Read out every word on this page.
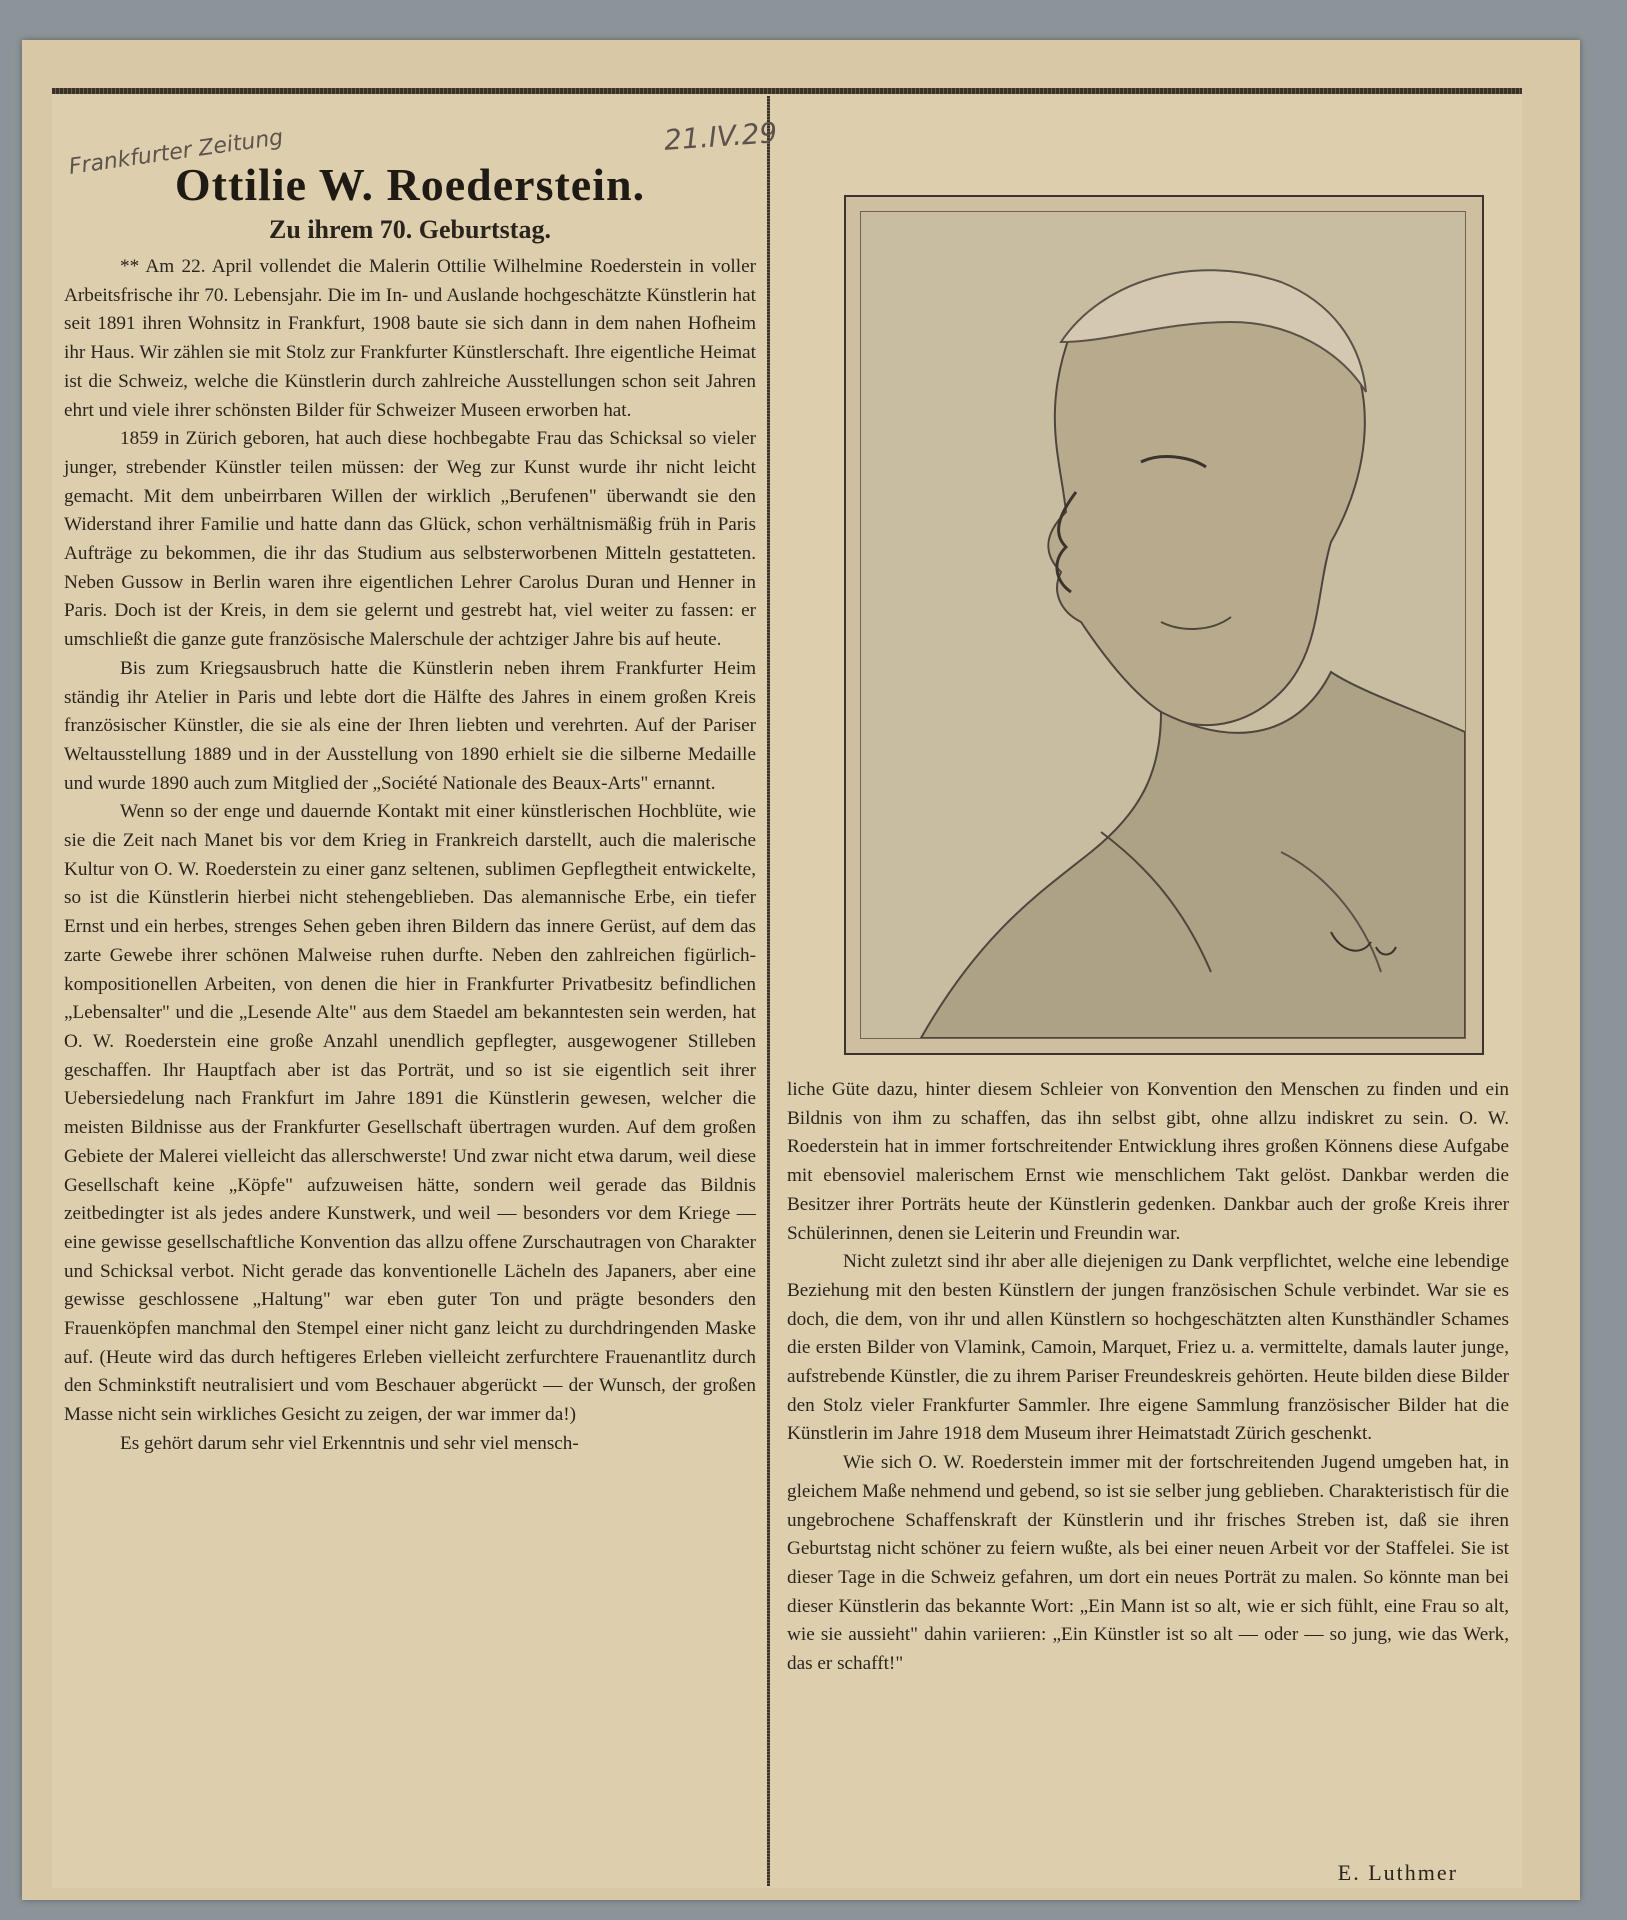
Frankfurter Zeitung	21.IV.29
Ottilie W. Roederstein.
Zu ihrem 70. Geburtstag.

** Am 22. April vollendet die Malerin Ottilie Wilhelmine Roederstein in voller Arbeitsfrische ihr 70. Lebensjahr. Die im In- und Auslande hochgeschätzte Künstlerin hat seit 1891 ihren Wohnsitz in Frankfurt, 1908 baute sie sich dann in dem nahen Hofheim ihr Haus. Wir zählen sie mit Stolz zur Frankfurter Künstlerschaft. Ihre eigentliche Heimat ist die Schweiz, welche die Künstlerin durch zahlreiche Ausstellungen schon seit Jahren ehrt und viele ihrer schönsten Bilder für Schweizer Museen erworben hat.

1859 in Zürich geboren, hat auch diese hochbegabte Frau das Schicksal so vieler junger, strebender Künstler teilen müssen: der Weg zur Kunst wurde ihr nicht leicht gemacht. Mit dem unbeirrbaren Willen der wirklich „Berufenen" überwandt sie den Widerstand ihrer Familie und hatte dann das Glück, schon verhältnismäßig früh in Paris Aufträge zu bekommen, die ihr das Studium aus selbsterworbenen Mitteln gestatteten. Neben Gussow in Berlin waren ihre eigentlichen Lehrer Carolus Duran und Henner in Paris. Doch ist der Kreis, in dem sie gelernt und gestrebt hat, viel weiter zu fassen: er umschließt die ganze gute französische Malerschule der achtziger Jahre bis auf heute.

Bis zum Kriegsausbruch hatte die Künstlerin neben ihrem Frankfurter Heim ständig ihr Atelier in Paris und lebte dort die Hälfte des Jahres in einem großen Kreis französischer Künstler, die sie als eine der Ihren liebten und verehrten. Auf der Pariser Weltausstellung 1889 und in der Ausstellung von 1890 erhielt sie die silberne Medaille und wurde 1890 auch zum Mitglied der „Société Nationale des Beaux-Arts" ernannt.

Wenn so der enge und dauernde Kontakt mit einer künstlerischen Hochblüte, wie sie die Zeit nach Manet bis vor dem Krieg in Frankreich darstellt, auch die malerische Kultur von O. W. Roederstein zu einer ganz seltenen, sublimen Gepflegtheit entwickelte, so ist die Künstlerin hierbei nicht stehengeblieben. Das alemannische Erbe, ein tiefer Ernst und ein herbes, strenges Sehen geben ihren Bildern das innere Gerüst, auf dem das zarte Gewebe ihrer schönen Malweise ruhen durfte. Neben den zahlreichen figürlich-kompositionellen Arbeiten, von denen die hier in Frankfurter Privatbesitz befindlichen „Lebensalter" und die „Lesende Alte" aus dem Staedel am bekanntesten sein werden, hat O. W. Roederstein eine große Anzahl unendlich gepflegter, ausgewogener Stilleben geschaffen. Ihr Hauptfach aber ist das Porträt, und so ist sie eigentlich seit ihrer Uebersiedelung nach Frankfurt im Jahre 1891 die Künstlerin gewesen, welcher die meisten Bildnisse aus der Frankfurter Gesellschaft übertragen wurden. Auf dem großen Gebiete der Malerei vielleicht das allerschwerste! Und zwar nicht etwa darum, weil diese Gesellschaft keine „Köpfe" aufzuweisen hätte, sondern weil gerade das Bildnis zeitbedingter ist als jedes andere Kunstwerk, und weil — besonders vor dem Kriege — eine gewisse gesellschaftliche Konvention das allzu offene Zurschautragen von Charakter und Schicksal verbot. Nicht gerade das konventionelle Lächeln des Japaners, aber eine gewisse geschlossene „Haltung" war eben guter Ton und prägte besonders den Frauenköpfen manchmal den Stempel einer nicht ganz leicht zu durchdringenden Maske auf. (Heute wird das durch heftigeres Erleben vielleicht zerfurchtere Frauenantlitz durch den Schminkstift neutralisiert und vom Beschauer abgerückt — der Wunsch, der großen Masse nicht sein wirkliches Gesicht zu zeigen, der war immer da!)

Es gehört darum sehr viel Erkenntnis und sehr viel mensch-

liche Güte dazu, hinter diesem Schleier von Konvention den Menschen zu finden und ein Bildnis von ihm zu schaffen, das ihn selbst gibt, ohne allzu indiskret zu sein. O. W. Roederstein hat in immer fortschreitender Entwicklung ihres großen Könnens diese Aufgabe mit ebensoviel malerischem Ernst wie menschlichem Takt gelöst. Dankbar werden die Besitzer ihrer Porträts heute der Künstlerin gedenken. Dankbar auch der große Kreis ihrer Schülerinnen, denen sie Leiterin und Freundin war.

Nicht zuletzt sind ihr aber alle diejenigen zu Dank verpflichtet, welche eine lebendige Beziehung mit den besten Künstlern der jungen französischen Schule verbindet. War sie es doch, die dem, von ihr und allen Künstlern so hochgeschätzten alten Kunsthändler Schames die ersten Bilder von Vlamink, Camoin, Marquet, Friez u. a. vermittelte, damals lauter junge, aufstrebende Künstler, die zu ihrem Pariser Freundeskreis gehörten. Heute bilden diese Bilder den Stolz vieler Frankfurter Sammler. Ihre eigene Sammlung französischer Bilder hat die Künstlerin im Jahre 1918 dem Museum ihrer Heimatstadt Zürich geschenkt.

Wie sich O. W. Roederstein immer mit der fortschreitenden Jugend umgeben hat, in gleichem Maße nehmend und gebend, so ist sie selber jung geblieben. Charakteristisch für die ungebrochene Schaffenskraft der Künstlerin und ihr frisches Streben ist, daß sie ihren Geburtstag nicht schöner zu feiern wußte, als bei einer neuen Arbeit vor der Staffelei. Sie ist dieser Tage in die Schweiz gefahren, um dort ein neues Porträt zu malen. So könnte man bei dieser Künstlerin das bekannte Wort: „Ein Mann ist so alt, wie er sich fühlt, eine Frau so alt, wie sie aussieht" dahin variieren: „Ein Künstler ist so alt — oder — so jung, wie das Werk, das er schafft!"

E. Luthmer
